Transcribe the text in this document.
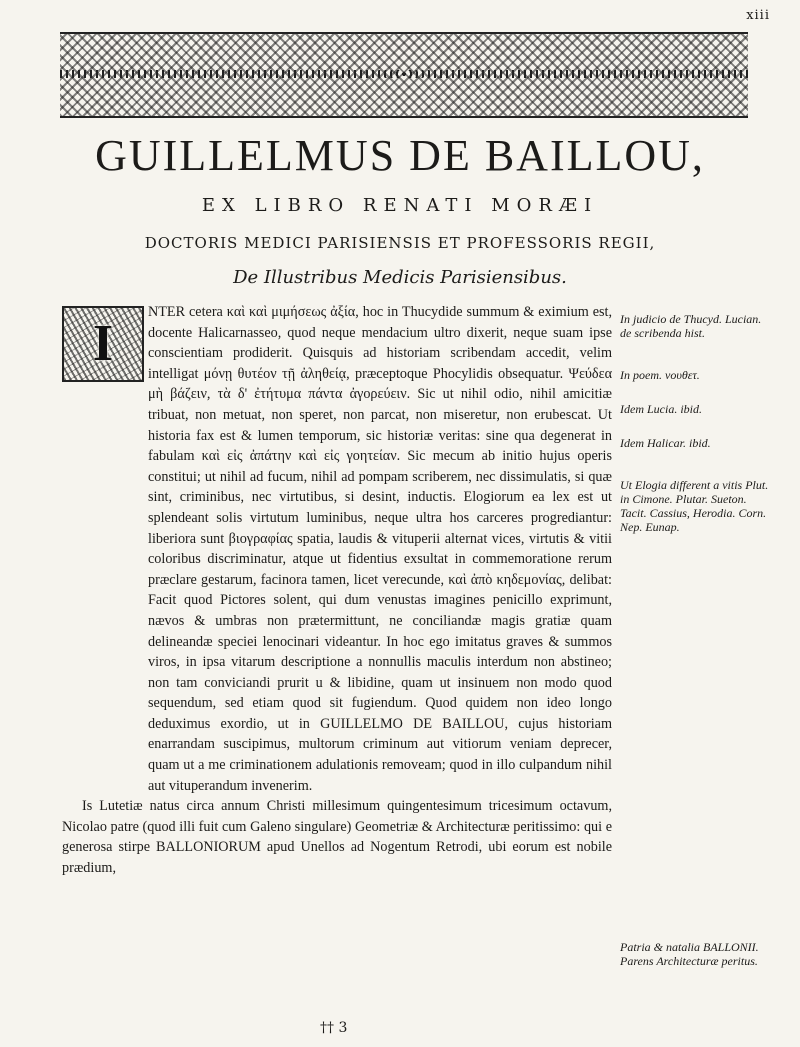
xiii
GUILLELMUS DE BAILLOU,
EX LIBRO RENATI MORÆI
DOCTORIS MEDICI PARISIENSIS ET PROFESSORIS REGII,
De Illustribus Medicis Parisiensibus.
I

NTER cetera καὶ καὶ μιμήσεως ἀξία, hoc in Thucydide summum & eximium est, docente Halicarnasseo, quod neque mendacium ultro dixerit, neque suam ipse conscientiam prodiderit. Quisquis ad historiam scribendam accedit, velim intelligat μόνῃ θυτέον τῇ ἀληθείᾳ, præceptoque Phocylidis obsequatur. Ψεύδεα μὴ βάζειν, τὰ δ' ἐτήτυμα πάντα ἀγορεύειν. Sic ut nihil odio, nihil amicitiæ tribuat, non metuat, non speret, non parcat, non miseretur, non erubescat. Ut historia fax est & lumen temporum, sic historiæ veritas: sine qua degenerat in fabulam καὶ εἰς ἀπάτην καὶ εἰς γοητείαν. Sic mecum ab initio hujus operis constitui; ut nihil ad fucum, nihil ad pompam scriberem, nec dissimulatis, si quæ sint, criminibus, nec virtutibus, si desint, inductis. Elogiorum ea lex est ut splendeant solis virtutum luminibus, neque ultra hos carceres progrediantur: liberiora sunt βιογραφίας spatia, laudis & vituperii alternat vices, virtutis & vitii coloribus discriminatur, atque ut fidentius exsultat in commemoratione rerum præclare gestarum, facinora tamen, licet verecunde, καὶ ἀπὸ κηδεμονίας, delibat: Facit quod Pictores solent, qui dum venustas imagines penicillo exprimunt, nævos & umbras non prætermittunt, ne conciliandæ magis gratiæ quam delineandæ speciei lenocinari videantur. In hoc ego imitatus graves & summos viros, in ipsa vitarum descriptione a nonnullis maculis interdum non abstineo; non tam conviciandi prurit u & libidine, quam ut insinuem non modo quod sequendum, sed etiam quod sit fugiendum. Quod quidem non ideo longo deduximus exordio, ut in GUILLELMO DE BAILLOU, cujus historiam enarrandam suscipimus, multorum criminum aut vitiorum veniam deprecer, quam ut a me criminationem adulationis removeam; quod in illo culpandum nihil aut vituperandum invenerim.

Is Lutetiæ natus circa annum Christi millesimum quingentesimum tricesimum octavum, Nicolao patre (quod illi fuit cum Galeno singulare) Geometriæ & Architecturæ peritissimo: qui e generosa stirpe BALLONIORUM apud Unellos ad Nogentum Retrodi, ubi eorum est nobile prædium,

In judicio de Thucyd. Lucian. de scribenda hist.
In poem. νουθετ.
Idem Lucia. ibid.
Idem Halicar. ibid.
Ut Elogia different a vitis Plut. in Cimone. Plutar. Sueton. Tacit. Cassius, Herodia. Corn. Nep. Eunap.
Patria & natalia BALLONII. Parens Architecturæ peritus.
†† 3
